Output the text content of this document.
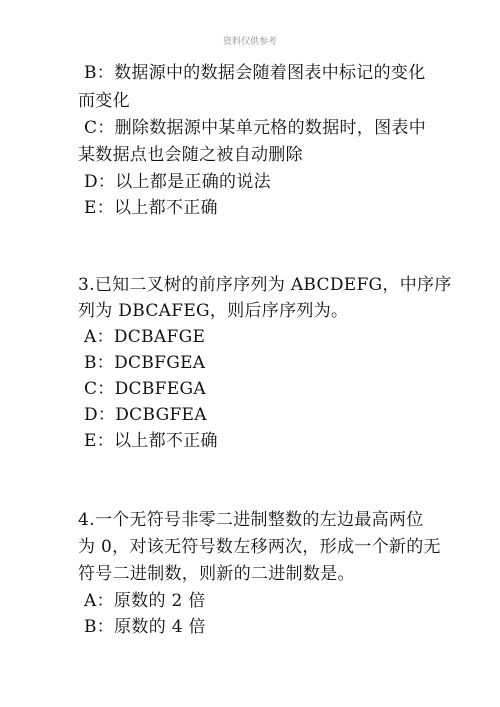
资料仅供参考
B：数据源中的数据会随着图表中标记的变化
而变化
C：删除数据源中某单元格的数据时，图表中
某数据点也会随之被自动删除
D：以上都是正确的说法
E：以上都不正确
3.已知二叉树的前序序列为 ABCDEFG，中序序
列为 DBCAFEG，则后序序列为。
A：DCBAFGE
B：DCBFGEA
C：DCBFEGA
D：DCBGFEA
E：以上都不正确
4.一个无符号非零二进制整数的左边最高两位
为 0，对该无符号数左移两次，形成一个新的无
符号二进制数，则新的二进制数是。
A：原数的 2 倍
B：原数的 4 倍
